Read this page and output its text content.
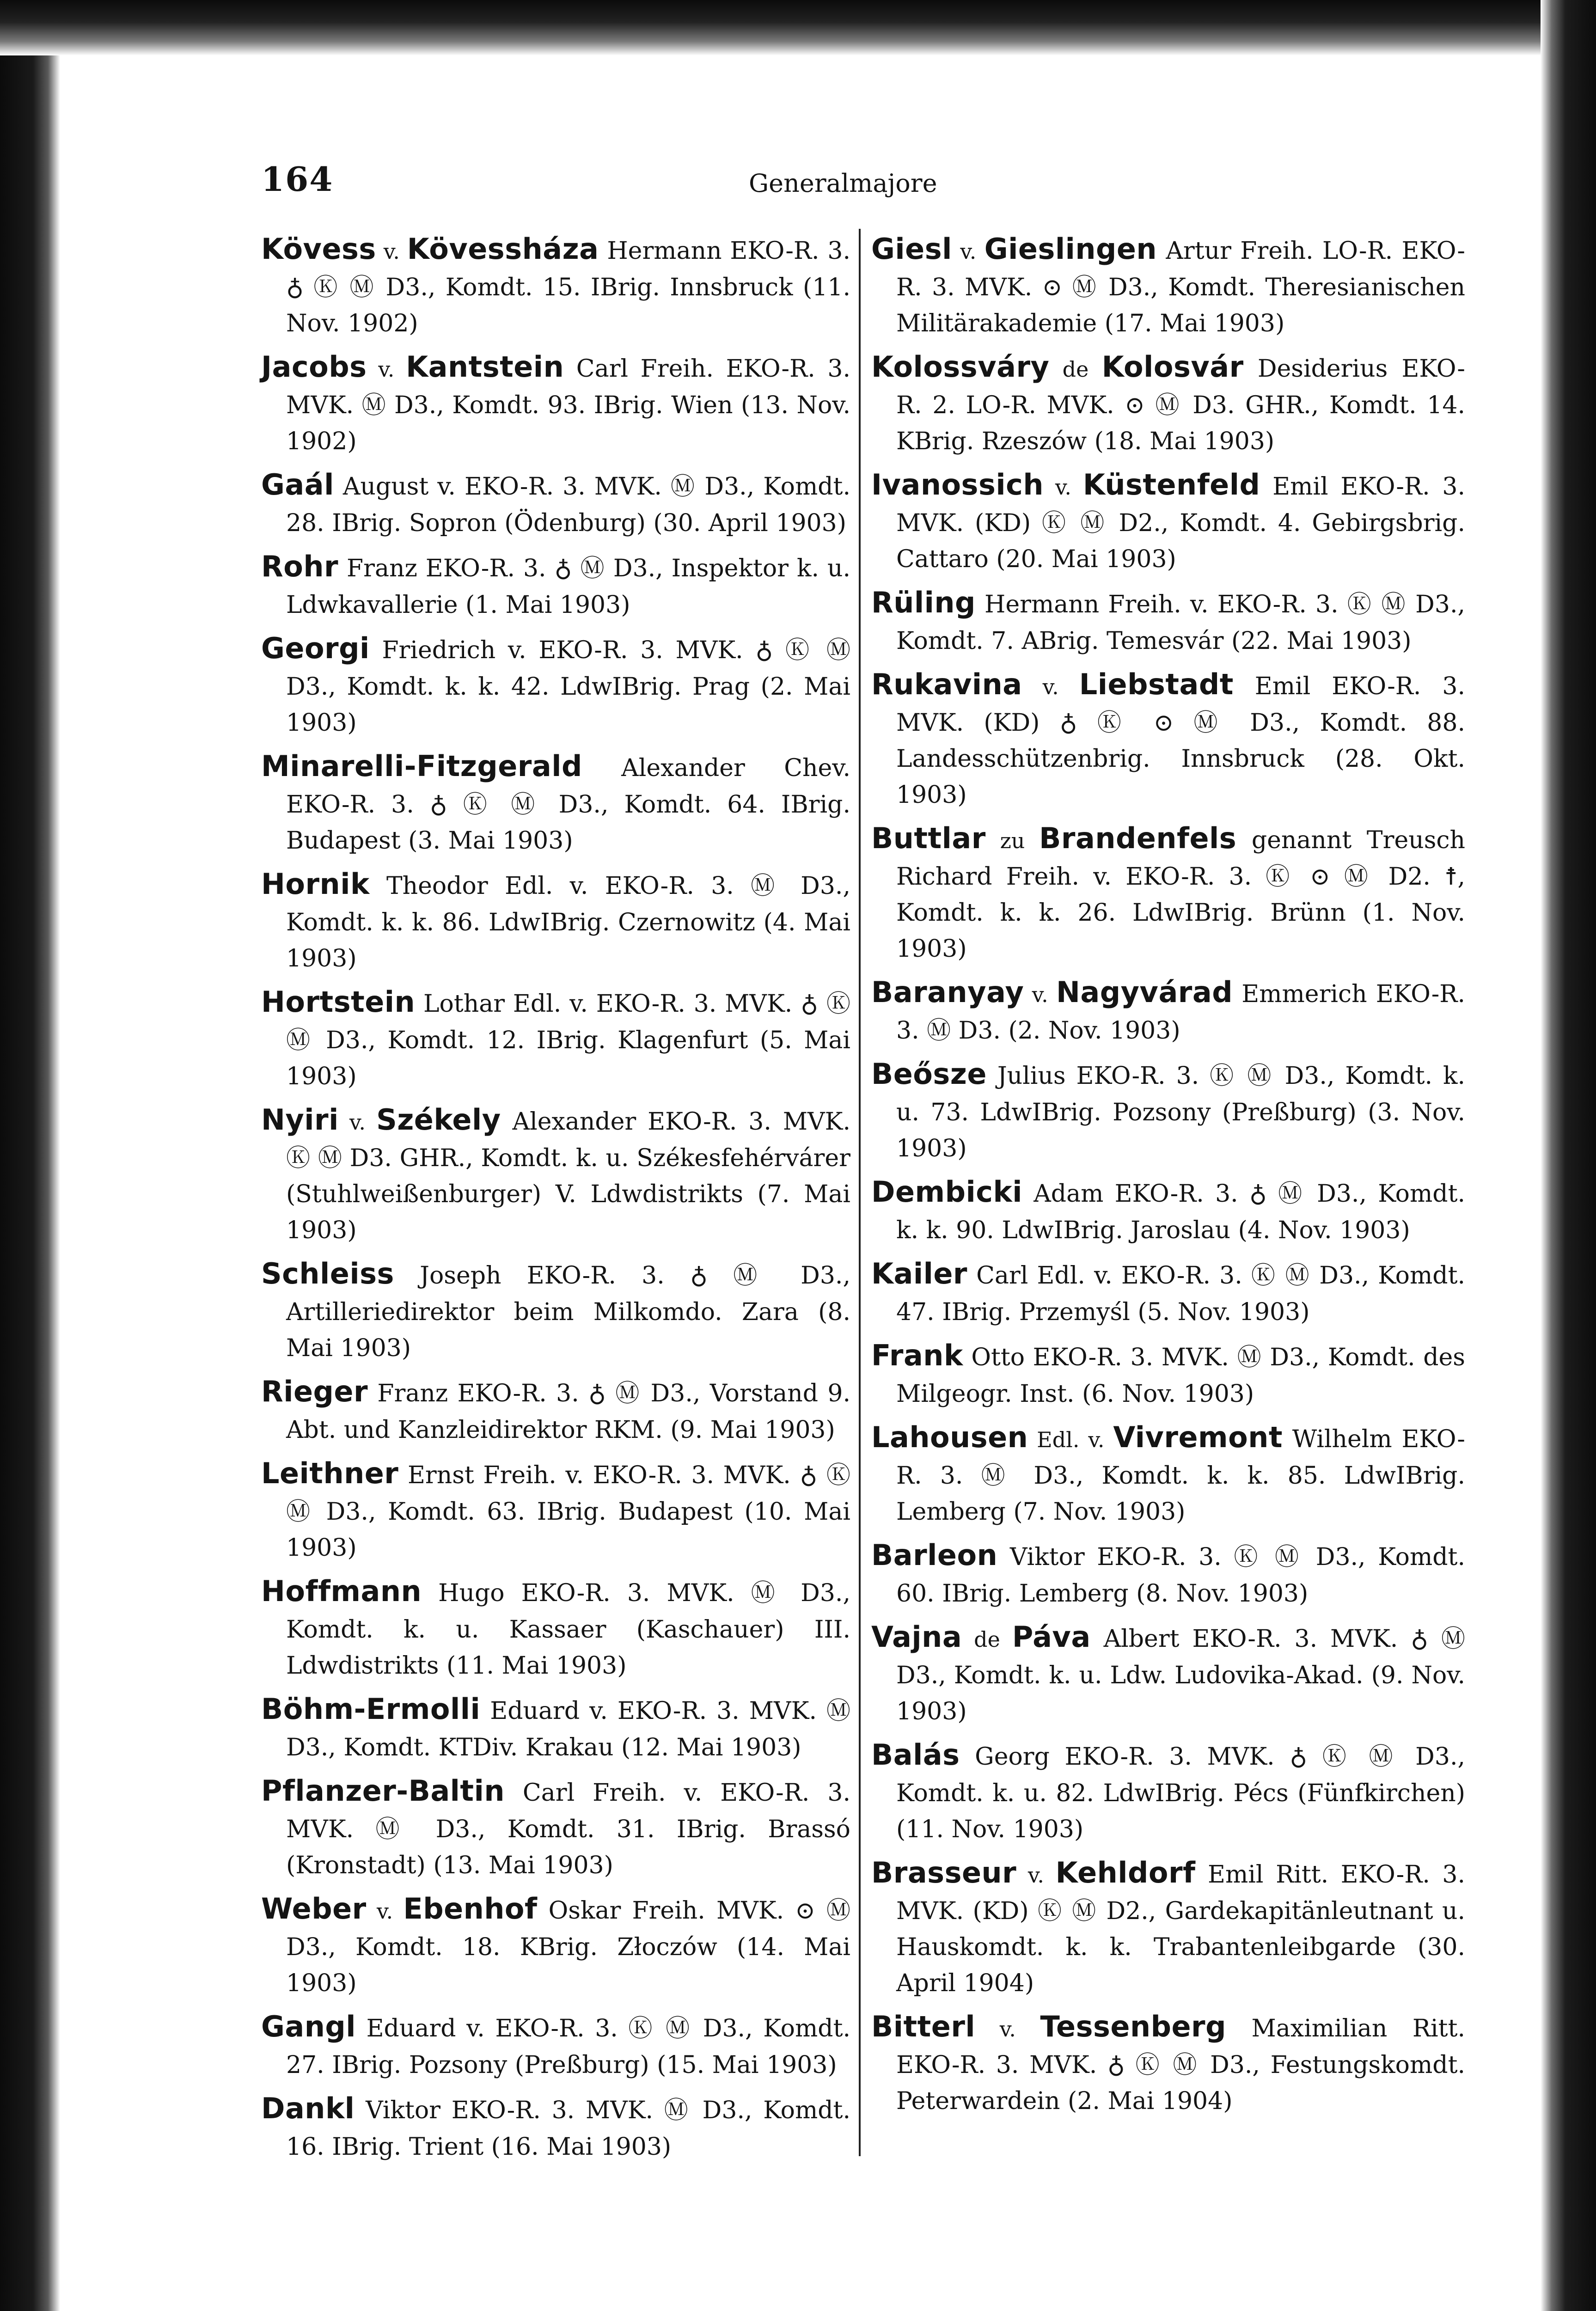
164	Generalmajore

Kövess v. Kövessháza Hermann EKO-R. 3. ♁ Ⓚ Ⓜ D3., Komdt. 15. IBrig. Innsbruck (11. Nov. 1902)

Jacobs v. Kantstein Carl Freih. EKO-R. 3. MVK. Ⓜ D3., Komdt. 93. IBrig. Wien (13. Nov. 1902)

Gaál August v. EKO-R. 3. MVK. Ⓜ D3., Komdt. 28. IBrig. Sopron (Ödenburg) (30. April 1903)

Rohr Franz EKO-R. 3. ♁ Ⓜ D3., Inspektor k. u. Ldwkavallerie (1. Mai 1903)

Georgi Friedrich v. EKO-R. 3. MVK. ♁ Ⓚ Ⓜ D3., Komdt. k. k. 42. LdwIBrig. Prag (2. Mai 1903)

Minarelli-Fitzgerald Alexander Chev. EKO-R. 3. ♁ Ⓚ Ⓜ D3., Komdt. 64. IBrig. Budapest (3. Mai 1903)

Hornik Theodor Edl. v. EKO-R. 3. Ⓜ D3., Komdt. k. k. 86. LdwIBrig. Czernowitz (4. Mai 1903)

Hortstein Lothar Edl. v. EKO-R. 3. MVK. ♁ Ⓚ Ⓜ D3., Komdt. 12. IBrig. Klagenfurt (5. Mai 1903)

Nyiri v. Székely Alexander EKO-R. 3. MVK. Ⓚ Ⓜ D3. GHR., Komdt. k. u. Székesfehérvárer (Stuhlweißenburger) V. Ldwdistrikts (7. Mai 1903)

Schleiss Joseph EKO-R. 3. ♁ Ⓜ D3., Artilleriedirektor beim Milkomdo. Zara (8. Mai 1903)

Rieger Franz EKO-R. 3. ♁ Ⓜ D3., Vorstand 9. Abt. und Kanzleidirektor RKM. (9. Mai 1903)

Leithner Ernst Freih. v. EKO-R. 3. MVK. ♁ Ⓚ Ⓜ D3., Komdt. 63. IBrig. Budapest (10. Mai 1903)

Hoffmann Hugo EKO-R. 3. MVK. Ⓜ D3., Komdt. k. u. Kassaer (Kaschauer) III. Ldwdistrikts (11. Mai 1903)

Böhm-Ermolli Eduard v. EKO-R. 3. MVK. Ⓜ D3., Komdt. KTDiv. Krakau (12. Mai 1903)

Pflanzer-Baltin Carl Freih. v. EKO-R. 3. MVK. Ⓜ D3., Komdt. 31. IBrig. Brassó (Kronstadt) (13. Mai 1903)

Weber v. Ebenhof Oskar Freih. MVK. ⊙ Ⓜ D3., Komdt. 18. KBrig. Złoczów (14. Mai 1903)

Gangl Eduard v. EKO-R. 3. Ⓚ Ⓜ D3., Komdt. 27. IBrig. Pozsony (Preßburg) (15. Mai 1903)

Dankl Viktor EKO-R. 3. MVK. Ⓜ D3., Komdt. 16. IBrig. Trient (16. Mai 1903)

Giesl v. Gieslingen Artur Freih. LO-R. EKO-R. 3. MVK. ⊙ Ⓜ D3., Komdt. Theresianischen Militärakademie (17. Mai 1903)

Kolossváry de Kolosvár Desiderius EKO-R. 2. LO-R. MVK. ⊙ Ⓜ D3. GHR., Komdt. 14. KBrig. Rzeszów (18. Mai 1903)

Ivanossich v. Küstenfeld Emil EKO-R. 3. MVK. (KD) Ⓚ Ⓜ D2., Komdt. 4. Gebirgsbrig. Cattaro (20. Mai 1903)

Rüling Hermann Freih. v. EKO-R. 3. Ⓚ Ⓜ D3., Komdt. 7. ABrig. Temesvár (22. Mai 1903)

Rukavina v. Liebstadt Emil EKO-R. 3. MVK. (KD) ♁ Ⓚ ⊙ Ⓜ D3., Komdt. 88. Landesschützenbrig. Innsbruck (28. Okt. 1903)

Buttlar zu Brandenfels genannt Treusch Richard Freih. v. EKO-R. 3. Ⓚ ⊙ Ⓜ D2. ☨, Komdt. k. k. 26. LdwIBrig. Brünn (1. Nov. 1903)

Baranyay v. Nagyvárad Emmerich EKO-R. 3. Ⓜ D3. (2. Nov. 1903)

Beősze Julius EKO-R. 3. Ⓚ Ⓜ D3., Komdt. k. u. 73. LdwIBrig. Pozsony (Preßburg) (3. Nov. 1903)

Dembicki Adam EKO-R. 3. ♁ Ⓜ D3., Komdt. k. k. 90. LdwIBrig. Jaroslau (4. Nov. 1903)

Kailer Carl Edl. v. EKO-R. 3. Ⓚ Ⓜ D3., Komdt. 47. IBrig. Przemyśl (5. Nov. 1903)

Frank Otto EKO-R. 3. MVK. Ⓜ D3., Komdt. des Milgeogr. Inst. (6. Nov. 1903)

Lahousen Edl. v. Vivremont Wilhelm EKO-R. 3. Ⓜ D3., Komdt. k. k. 85. LdwIBrig. Lemberg (7. Nov. 1903)

Barleon Viktor EKO-R. 3. Ⓚ Ⓜ D3., Komdt. 60. IBrig. Lemberg (8. Nov. 1903)

Vajna de Páva Albert EKO-R. 3. MVK. ♁ Ⓜ D3., Komdt. k. u. Ldw. Ludovika-Akad. (9. Nov. 1903)

Balás Georg EKO-R. 3. MVK. ♁ Ⓚ Ⓜ D3., Komdt. k. u. 82. LdwIBrig. Pécs (Fünfkirchen) (11. Nov. 1903)

Brasseur v. Kehldorf Emil Ritt. EKO-R. 3. MVK. (KD) Ⓚ Ⓜ D2., Gardekapitänleutnant u. Hauskomdt. k. k. Trabantenleibgarde (30. April 1904)

Bitterl v. Tessenberg Maximilian Ritt. EKO-R. 3. MVK. ♁ Ⓚ Ⓜ D3., Festungskomdt. Peterwardein (2. Mai 1904)
